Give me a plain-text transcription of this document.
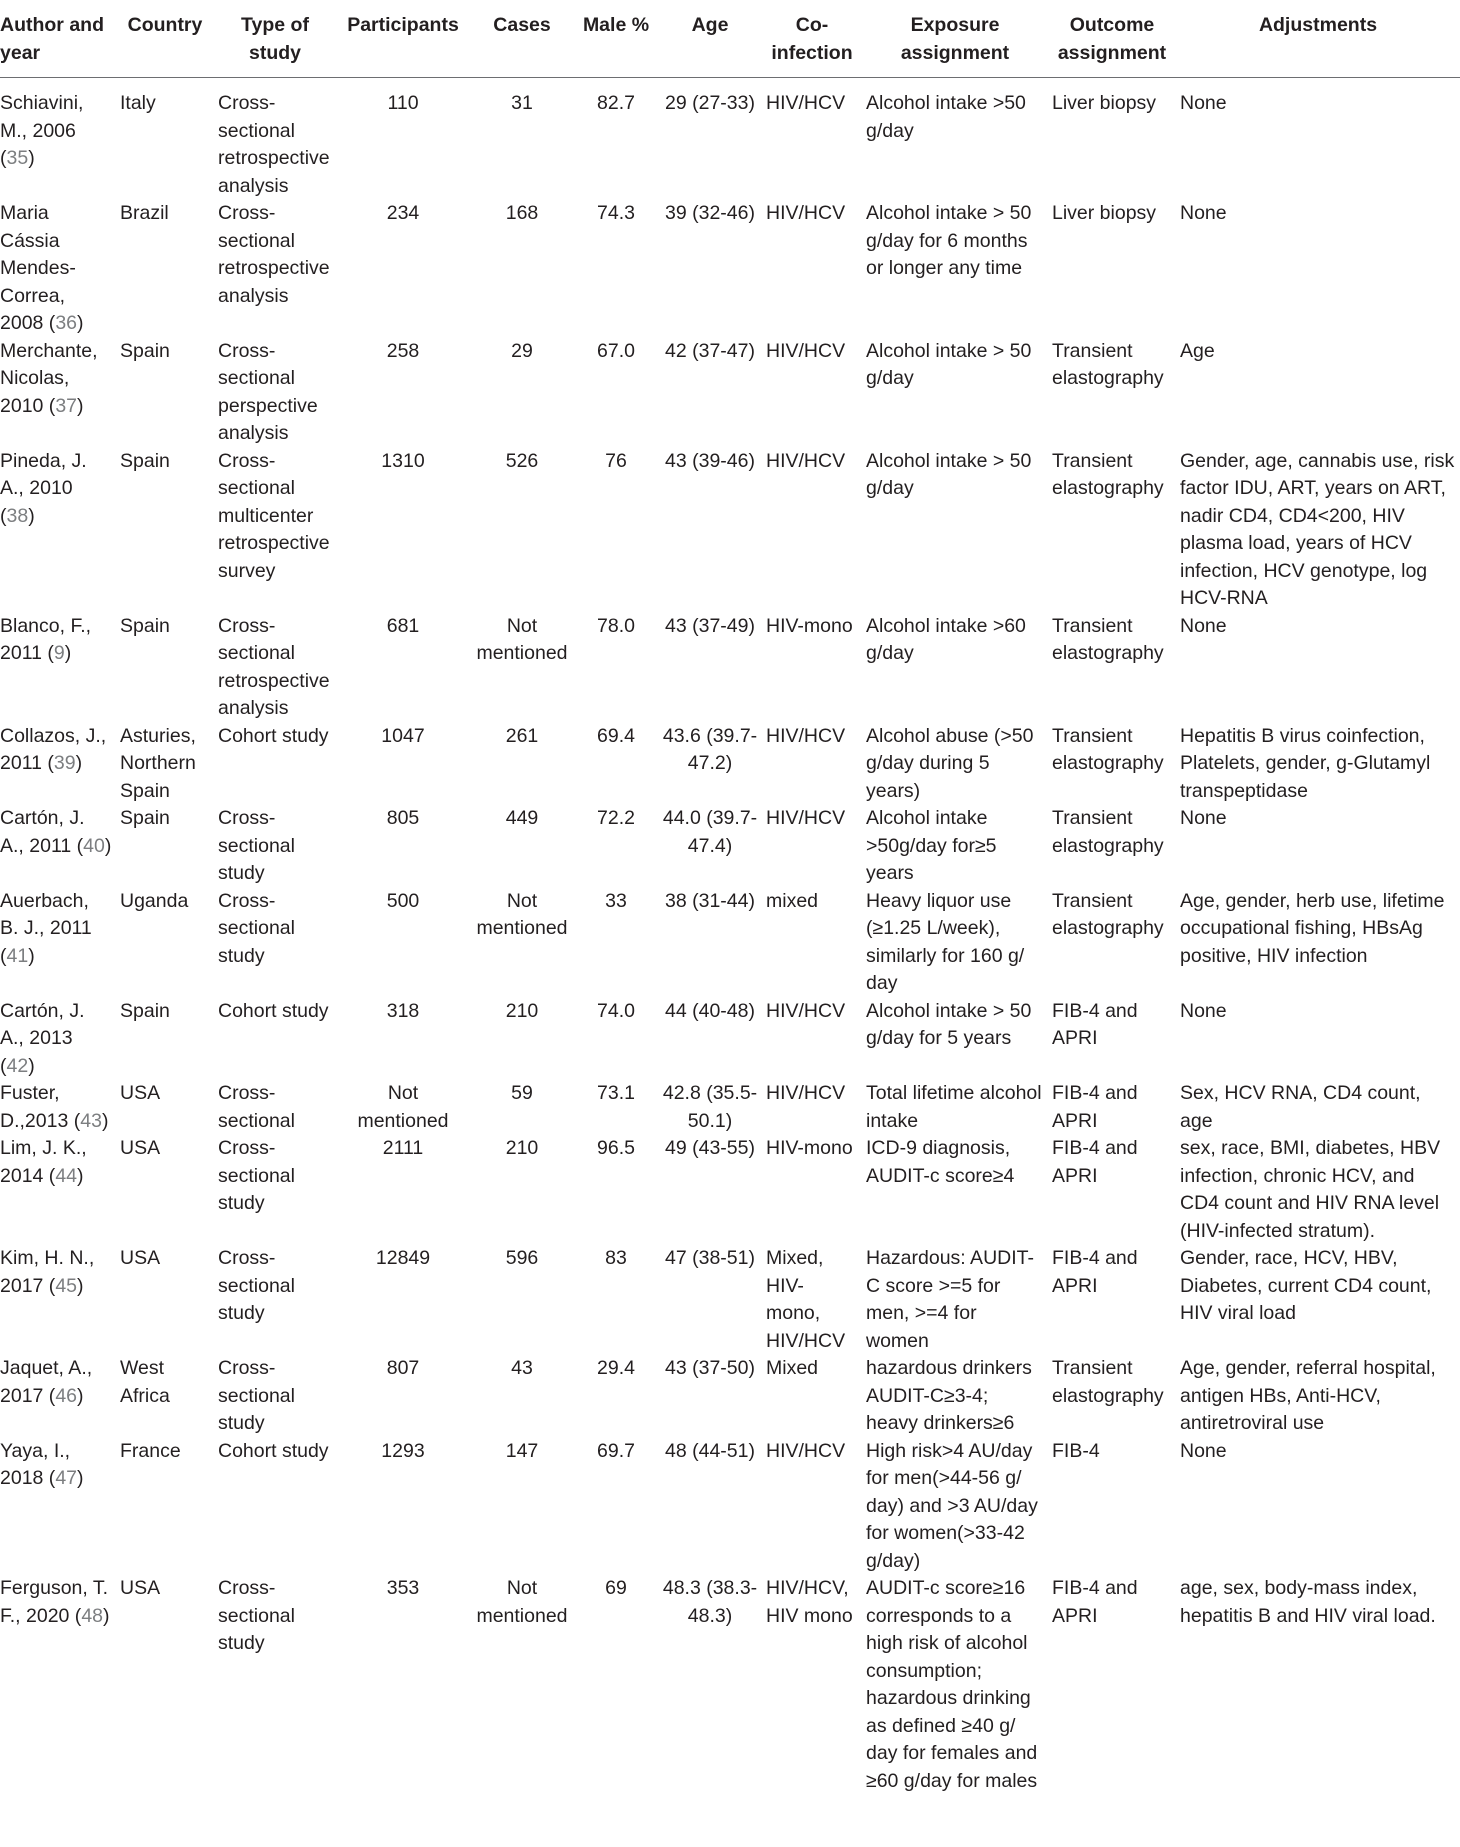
Author and year	Country	Type of study	Participants	Cases	Male %	Age	Co-infection	Exposure assignment	Outcome assignment	Adjustments
Schiavini, M., 2006 (35)	Italy	Cross-sectional retrospective analysis	110	31	82.7	29 (27-33)	HIV/HCV	Alcohol intake >50 g/day	Liver biopsy	None
Maria Cássia Mendes-Correa, 2008 (36)	Brazil	Cross-sectional retrospective analysis	234	168	74.3	39 (32-46)	HIV/HCV	Alcohol intake > 50 g/day for 6 months or longer any time	Liver biopsy	None
Merchante, Nicolas, 2010 (37)	Spain	Cross-sectional perspective analysis	258	29	67.0	42 (37-47)	HIV/HCV	Alcohol intake > 50 g/day	Transient elastography	Age
Pineda, J. A., 2010 (38)	Spain	Cross-sectional multicenter retrospective survey	1310	526	76	43 (39-46)	HIV/HCV	Alcohol intake > 50 g/day	Transient elastography	Gender, age, cannabis use, risk factor IDU, ART, years on ART, nadir CD4, CD4<200, HIV plasma load, years of HCV infection, HCV genotype, log HCV-RNA
Blanco, F., 2011 (9)	Spain	Cross-sectional retrospective analysis	681	Not mentioned	78.0	43 (37-49)	HIV-mono	Alcohol intake >60 g/day	Transient elastography	None
Collazos, J., 2011 (39)	Asturies, Northern Spain	Cohort study	1047	261	69.4	43.6 (39.7-47.2)	HIV/HCV	Alcohol abuse (>50 g/day during 5 years)	Transient elastography	Hepatitis B virus coinfection, Platelets, gender, g-Glutamyl transpeptidase
Cartón, J. A., 2011 (40)	Spain	Cross-sectional study	805	449	72.2	44.0 (39.7-47.4)	HIV/HCV	Alcohol intake >50g/day for≥5 years	Transient elastography	None
Auerbach, B. J., 2011 (41)	Uganda	Cross-sectional study	500	Not mentioned	33	38 (31-44)	mixed	Heavy liquor use (≥1.25 L/week), similarly for 160 g/ day	Transient elastography	Age, gender, herb use, lifetime occupational fishing, HBsAg positive, HIV infection
Cartón, J. A., 2013 (42)	Spain	Cohort study	318	210	74.0	44 (40-48)	HIV/HCV	Alcohol intake > 50 g/day for 5 years	FIB-4 and APRI	None
Fuster, D.,2013 (43)	USA	Cross-sectional	Not mentioned	59	73.1	42.8 (35.5-50.1)	HIV/HCV	Total lifetime alcohol intake	FIB-4 and APRI	Sex, HCV RNA, CD4 count, age
Lim, J. K., 2014 (44)	USA	Cross-sectional study	2111	210	96.5	49 (43-55)	HIV-mono	ICD-9 diagnosis, AUDIT-c score≥4	FIB-4 and APRI	sex, race, BMI, diabetes, HBV infection, chronic HCV, and CD4 count and HIV RNA level (HIV-infected stratum).
Kim, H. N., 2017 (45)	USA	Cross-sectional study	12849	596	83	47 (38-51)	Mixed, HIV-mono, HIV/HCV	Hazardous: AUDIT-C score >=5 for men, >=4 for women	FIB-4 and APRI	Gender, race, HCV, HBV, Diabetes, current CD4 count, HIV viral load
Jaquet, A., 2017 (46)	West Africa	Cross-sectional study	807	43	29.4	43 (37-50)	Mixed	hazardous drinkers AUDIT-C≥3-4; heavy drinkers≥6	Transient elastography	Age, gender, referral hospital, antigen HBs, Anti-HCV, antiretroviral use
Yaya, I., 2018 (47)	France	Cohort study	1293	147	69.7	48 (44-51)	HIV/HCV	High risk>4 AU/day for men(>44-56 g/ day) and >3 AU/day for women(>33-42 g/day)	FIB-4	None
Ferguson, T. F., 2020 (48)	USA	Cross-sectional study	353	Not mentioned	69	48.3 (38.3-48.3)	HIV/HCV, HIV mono	AUDIT-c score≥16 corresponds to a high risk of alcohol consumption; hazardous drinking as defined ≥40 g/ day for females and ≥60 g/day for males	FIB-4 and APRI	age, sex, body-mass index, hepatitis B and HIV viral load.
